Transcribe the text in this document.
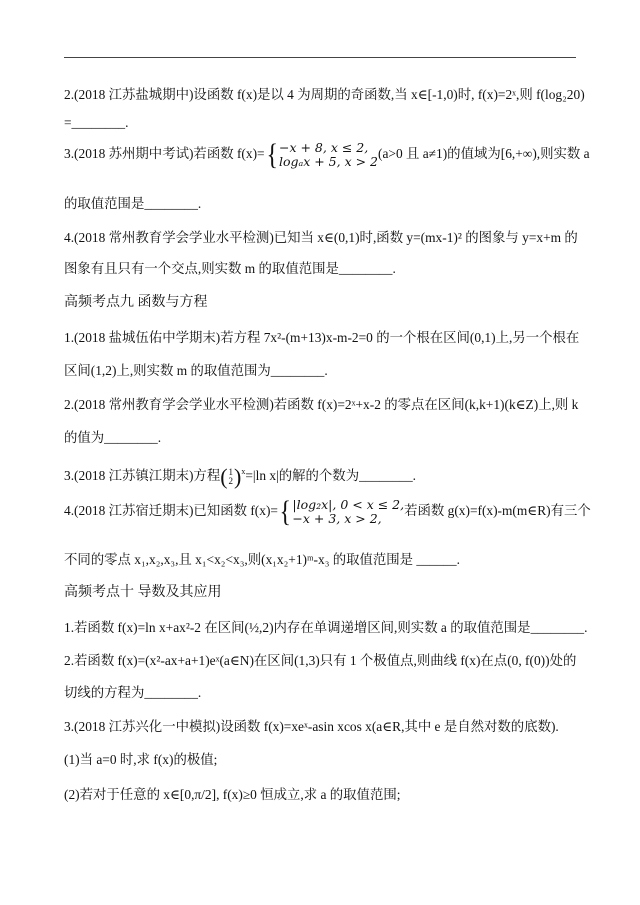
2.(2018 江苏盐城期中)设函数 f(x)是以 4 为周期的奇函数,当 x∈[-1,0)时, f(x)=2ˣ,则 f(log₂20)
=________.
3.(2018 苏州期中考试)若函数 f(x)={−x + 8, x ≤ 2,
logₐx + 5, x > 2(a>0 且 a≠1)的值域为[6,+∞),则实数 a
的取值范围是________.
4.(2018 常州教育学会学业水平检测)已知当 x∈(0,1)时,函数 y=(mx-1)² 的图象与 y=x+m 的
图象有且只有一个交点,则实数 m 的取值范围是________.
高频考点九 函数与方程
1.(2018 盐城伍佑中学期末)若方程 7x²-(m+13)x-m-2=0 的一个根在区间(0,1)上,另一个根在
区间(1,2)上,则实数 m 的取值范围为________.
2.(2018 常州教育学会学业水平检测)若函数 f(x)=2ˣ+x-2 的零点在区间(k,k+1)(k∈Z)上,则 k
的值为________.
3.(2018 江苏镇江期末)方程( 1
2 )$^x$=|ln x|的解的个数为________.
4.(2018 江苏宿迁期末)已知函数 f(x)={|log₂x|, 0 < x ≤ 2,
−x + 3, x > 2,若函数 g(x)=f(x)-m(m∈R)有三个
不同的零点 x₁,x₂,x₃,且 x₁<x₂<x₃,则(x₁x₂+1)ᵐ-x₃ 的取值范围是 ______.
高频考点十 导数及其应用
1.若函数 f(x)=ln x+ax²-2 在区间(½,2)内存在单调递增区间,则实数 a 的取值范围是________.
2.若函数 f(x)=(x²-ax+a+1)eˣ(a∈N)在区间(1,3)只有 1 个极值点,则曲线 f(x)在点(0, f(0))处的
切线的方程为________.
3.(2018 江苏兴化一中模拟)设函数 f(x)=xeˣ-asin xcos x(a∈R,其中 e 是自然对数的底数).
(1)当 a=0 时,求 f(x)的极值;
(2)若对于任意的 x∈[0,π/2], f(x)≥0 恒成立,求 a 的取值范围;
